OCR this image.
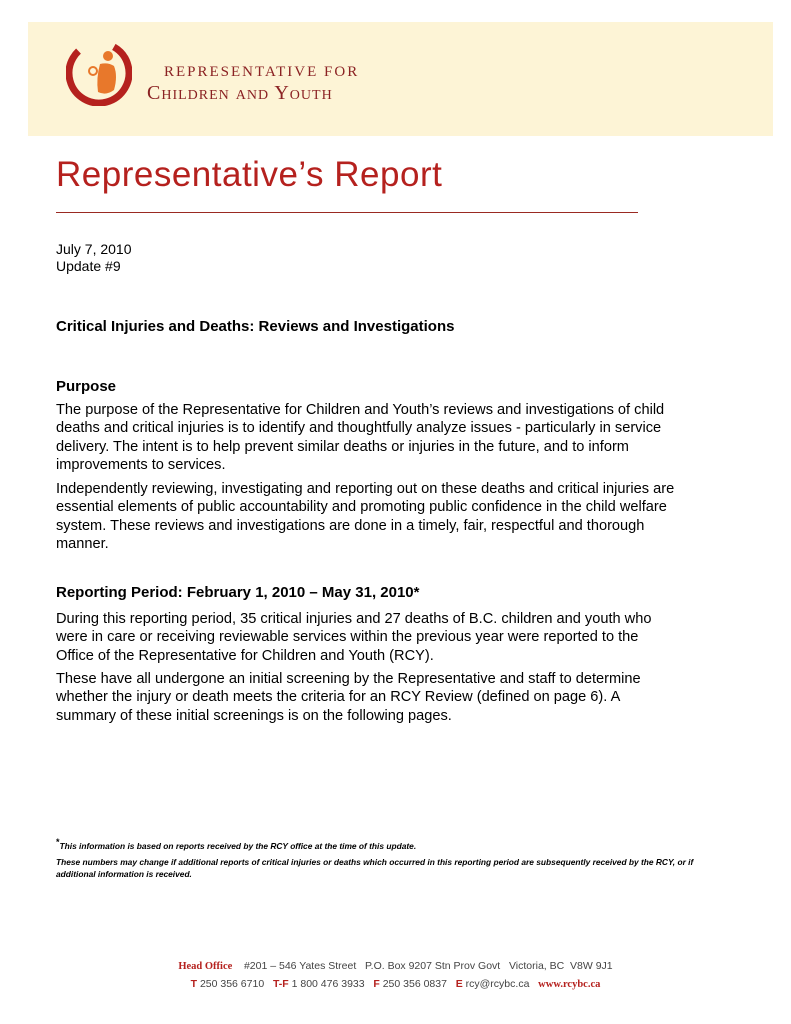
REPRESENTATIVE FOR
Children and Youth
Representative’s Report
July 7, 2010
Update #9
Critical Injuries and Deaths: Reviews and Investigations
Purpose

The purpose of the Representative for Children and Youth’s reviews and investigations of child deaths and critical injuries is to identify and thoughtfully analyze issues - particularly in service delivery. The intent is to help prevent similar deaths or injuries in the future, and to inform improvements to services.

Independently reviewing, investigating and reporting out on these deaths and critical injuries are essential elements of public accountability and promoting public confidence in the child welfare system. These reviews and investigations are done in a timely, fair, respectful and thorough manner.

Reporting Period: February 1, 2010 – May 31, 2010*

During this reporting period, 35 critical injuries and 27 deaths of B.C. children and youth who were in care or receiving reviewable services within the previous year were reported to the Office of the Representative for Children and Youth (RCY).

These have all undergone an initial screening by the Representative and staff to determine whether the injury or death meets the criteria for an RCY Review (defined on page 6). A summary of these initial screenings is on the following pages.

*This information is based on reports received by the RCY office at the time of this update.

These numbers may change if additional reports of critical injuries or deaths which occurred in this reporting period are subsequently received by the RCY, or if additional information is received.

Head Office #201 – 546 Yates Street   P.O. Box 9207 Stn Prov Govt   Victoria, BC  V8W 9J1
T 250 356 6710 T-F 1 800 476 3933 F 250 356 0837 E rcy@rcybc.ca www.rcybc.ca
